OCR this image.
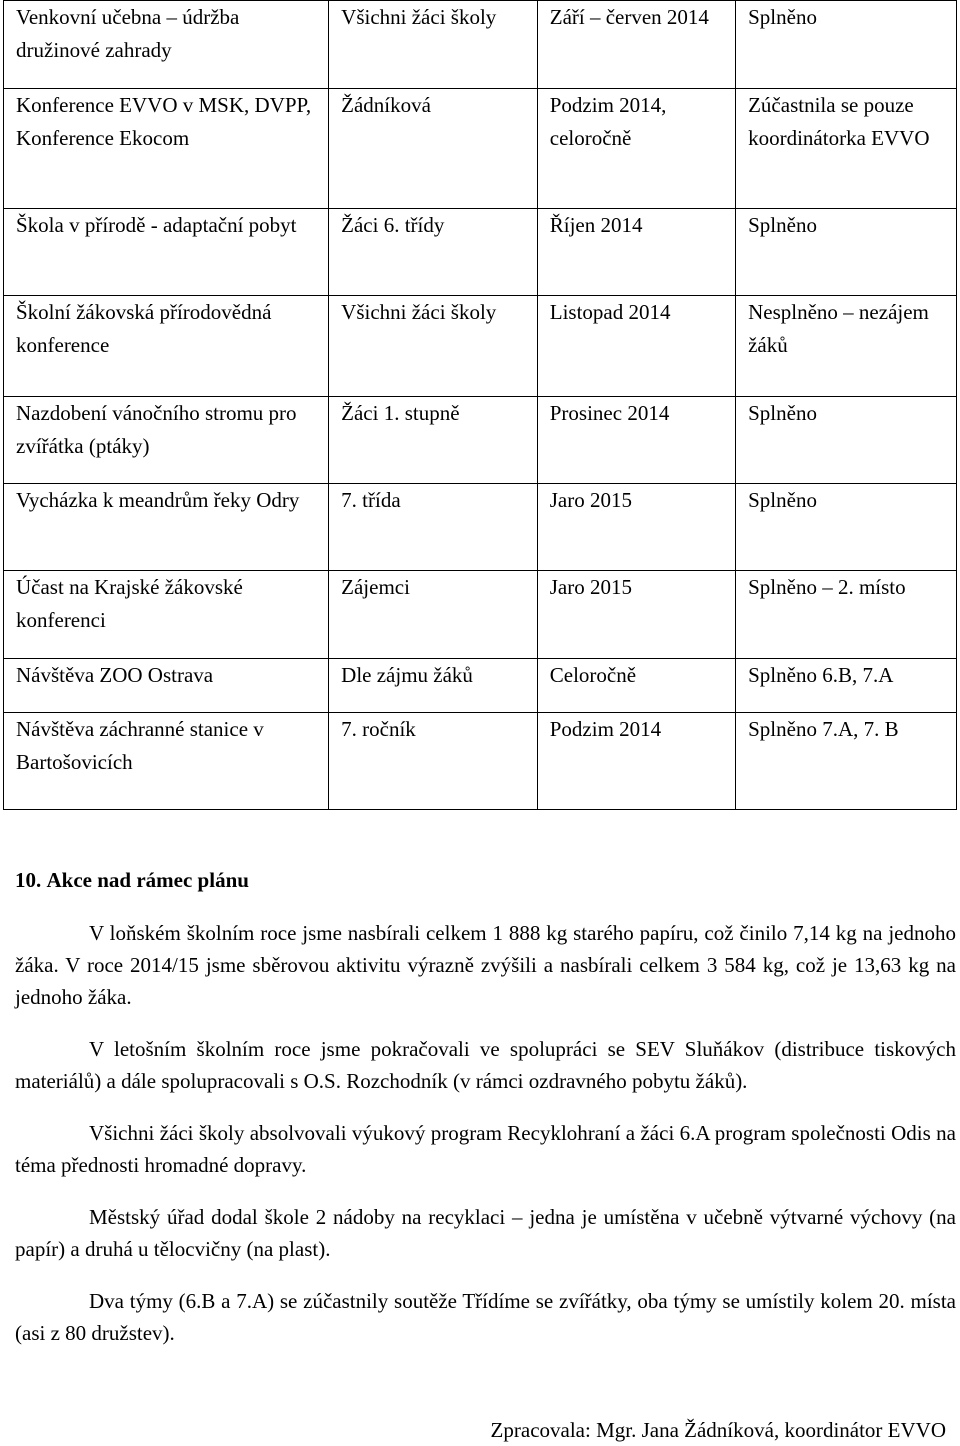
Venkovní učebna – údržba družinové zahrady	Všichni žáci školy	Září – červen 2014	Splněno

Konference EVVO v MSK, DVPP, Konference Ekocom	Žádníková	Podzim 2014, celoročně	Zúčastnila se pouze koordinátorka EVVO

Škola v přírodě - adaptační pobyt	Žáci 6. třídy	Říjen 2014	Splněno

Školní žákovská přírodovědná konference	Všichni žáci školy	Listopad 2014	Nesplněno – nezájem žáků

Nazdobení vánočního stromu pro zvířátka (ptáky)	Žáci 1. stupně	Prosinec 2014	Splněno

Vycházka k meandrům řeky Odry	7. třída	Jaro 2015	Splněno

Účast na Krajské žákovské konferenci	Zájemci	Jaro 2015	Splněno – 2. místo

Návštěva ZOO Ostrava	Dle zájmu žáků	Celoročně	Splněno 6.B, 7.A

Návštěva záchranné stanice v Bartošovicích	7. ročník	Podzim 2014	Splněno 7.A, 7. B

10. Akce nad rámec plánu

V loňském školním roce jsme nasbírali celkem 1 888 kg starého papíru, což činilo 7,14 kg na jednoho žáka. V roce 2014/15 jsme sběrovou aktivitu výrazně zvýšili a nasbírali celkem 3 584 kg, což je 13,63 kg na jednoho žáka.

V letošním školním roce jsme pokračovali ve spolupráci se SEV Sluňákov (distribuce tiskových materiálů) a dále spolupracovali s O.S. Rozchodník (v rámci ozdravného pobytu žáků).

Všichni žáci školy absolvovali výukový program Recyklohraní a žáci 6.A program společnosti Odis na téma přednosti hromadné dopravy.

Městský úřad dodal škole 2 nádoby na recyklaci – jedna je umístěna v učebně výtvarné výchovy (na papír) a druhá u tělocvičny (na plast).

Dva týmy (6.B a 7.A) se zúčastnily soutěže Třídíme se zvířátky, oba týmy se umístily kolem 20. místa (asi z 80 družstev).

Zpracovala: Mgr. Jana Žádníková, koordinátor EVVO
